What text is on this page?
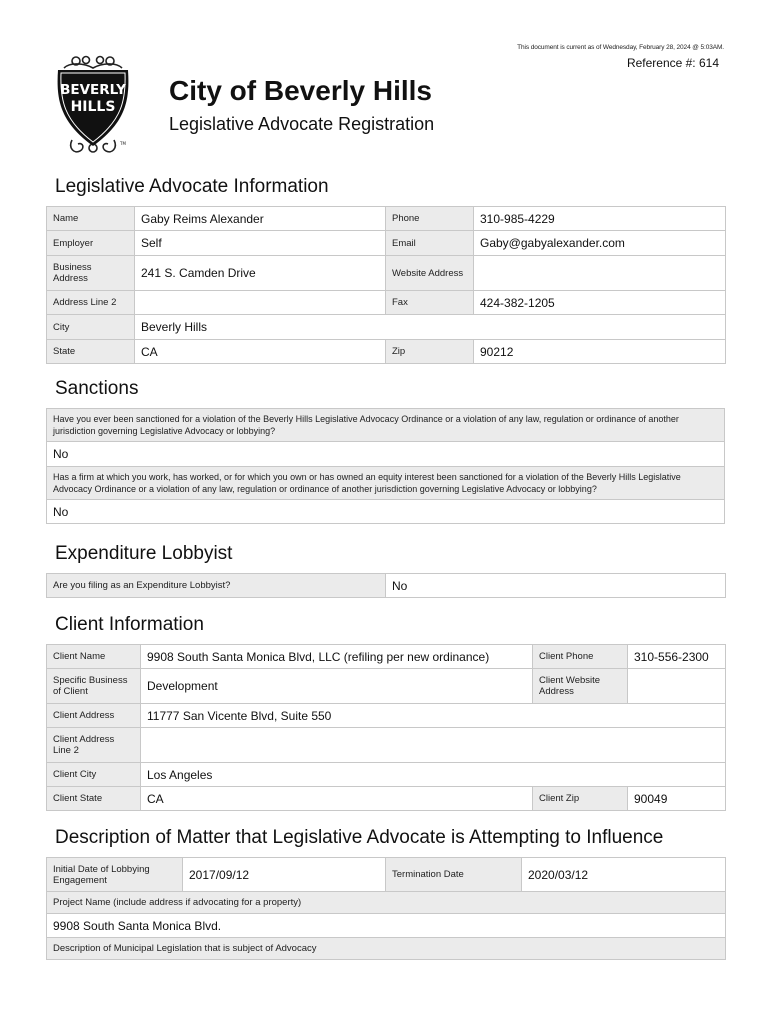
This document is current as of Wednesday, February 28, 2024 @ 5:03AM.
Reference #: 614
BEVERLY
HILLS
TM
City of Beverly Hills
Legislative Advocate Registration
Legislative Advocate Information
Name	Gaby Reims Alexander	Phone	310-985-4229
Employer	Self	Email	Gaby@gabyalexander.com
Business Address	241 S. Camden Drive	Website Address	
Address Line 2		Fax	424-382-1205
City	Beverly Hills		
State	CA	Zip	90212
Sanctions
Have you ever been sanctioned for a violation of the Beverly Hills Legislative Advocacy Ordinance or a violation of any law, regulation or ordinance of another jurisdiction governing Legislative Advocacy or lobbying?
No
Has a firm at which you work, has worked, or for which you own or has owned an equity interest been sanctioned for a violation of the Beverly Hills Legislative Advocacy Ordinance or a violation of any law, regulation or ordinance of another jurisdiction governing Legislative Advocacy or lobbying?
No
Expenditure Lobbyist
Are you filing as an Expenditure Lobbyist?	No
Client Information
Client Name	9908 South Santa Monica Blvd, LLC (refiling per new ordinance)	Client Phone	310-556-2300
Specific Business of Client	Development	Client Website Address	
Client Address	11777 San Vicente Blvd, Suite 550		
Client Address Line 2			
Client City	Los Angeles		
Client State	CA	Client Zip	90049
Description of Matter that Legislative Advocate is Attempting to Influence
Initial Date of Lobbying Engagement	2017/09/12	Termination Date	2020/03/12
Project Name (include address if advocating for a property)
9908 South Santa Monica Blvd.
Description of Municipal Legislation that is subject of Advocacy
